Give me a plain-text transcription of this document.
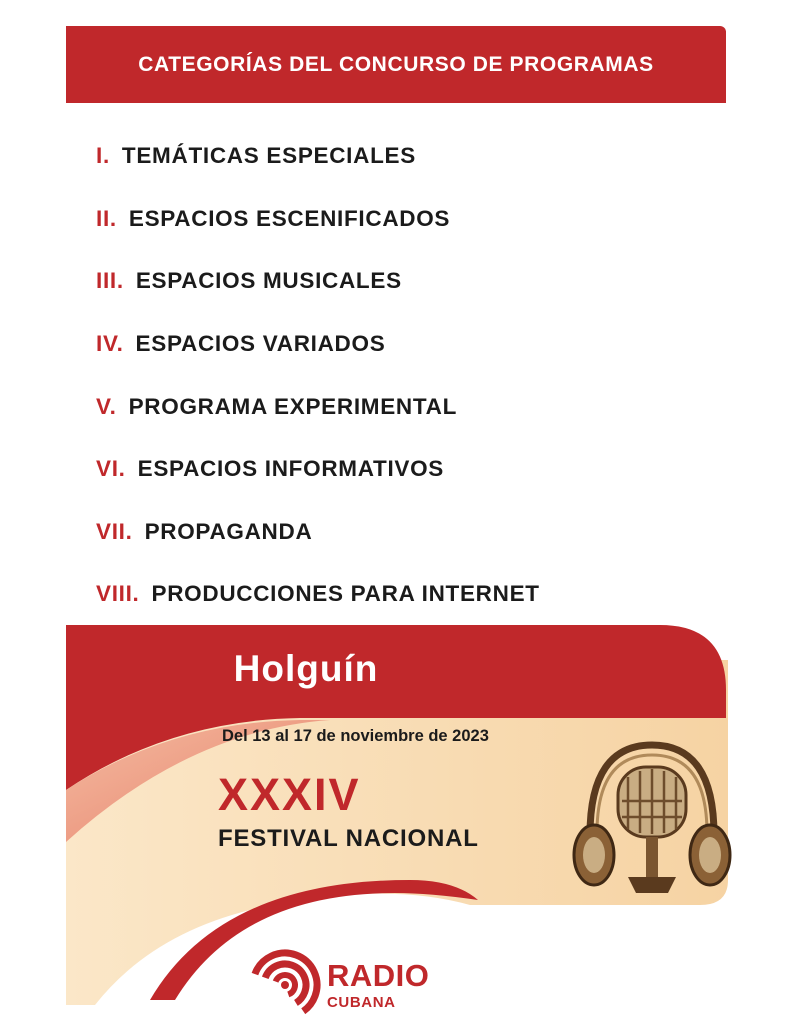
CATEGORÍAS DEL CONCURSO DE PROGRAMAS
I. TEMÁTICAS ESPECIALES
II. ESPACIOS ESCENIFICADOS
III. ESPACIOS MUSICALES
IV. ESPACIOS VARIADOS
V. PROGRAMA EXPERIMENTAL
VI. ESPACIOS INFORMATIVOS
VII. PROPAGANDA
VIII. PRODUCCIONES PARA INTERNET
Holguín
Del 13 al 17 de noviembre de 2023
XXXIV
FESTIVAL NACIONAL
RADIO
CUBANA
